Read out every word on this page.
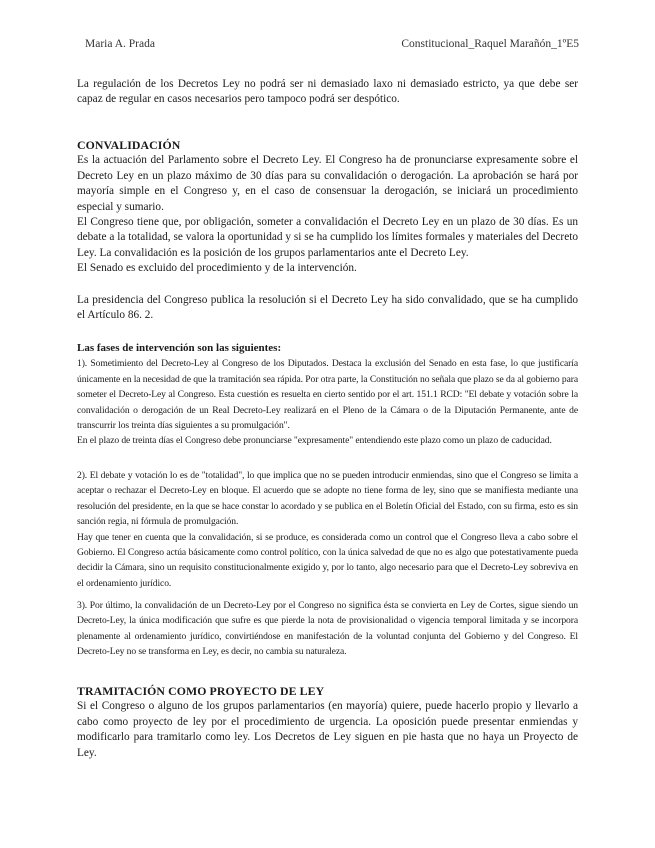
Maria A. Prada	Constitucional_Raquel Marañón_1ºE5

La regulación de los Decretos Ley no podrá ser ni demasiado laxo ni demasiado estricto, ya que debe ser capaz de regular en casos necesarios pero tampoco podrá ser despótico.

CONVALIDACIÓN

Es la actuación del Parlamento sobre el Decreto Ley. El Congreso ha de pronunciarse expresamente sobre el Decreto Ley en un plazo máximo de 30 días para su convalidación o derogación. La aprobación se hará por mayoría simple en el Congreso y, en el caso de consensuar la derogación, se iniciará un procedimiento especial y sumario.

El Congreso tiene que, por obligación, someter a convalidación el Decreto Ley en un plazo de 30 días. Es un debate a la totalidad, se valora la oportunidad y si se ha cumplido los límites formales y materiales del Decreto Ley. La convalidación es la posición de los grupos parlamentarios ante el Decreto Ley.

El Senado es excluido del procedimiento y de la intervención.

La presidencia del Congreso publica la resolución si el Decreto Ley ha sido convalidado, que se ha cumplido el Artículo 86. 2.

Las fases de intervención son las siguientes:

1). Sometimiento del Decreto-Ley al Congreso de los Diputados. Destaca la exclusión del Senado en esta fase, lo que justificaría únicamente en la necesidad de que la tramitación sea rápida. Por otra parte, la Constitución no señala que plazo se da al gobierno para someter el Decreto-Ley al Congreso. Esta cuestión es resuelta en cierto sentido por el art. 151.1 RCD: "El debate y votación sobre la convalidación o derogación de un Real Decreto-Ley realizará en el Pleno de la Cámara o de la Diputación Permanente, ante de transcurrir los treinta días siguientes a su promulgación".

En el plazo de treinta días el Congreso debe pronunciarse "expresamente" entendiendo este plazo como un plazo de caducidad.

2). El debate y votación lo es de "totalidad", lo que implica que no se pueden introducir enmiendas, sino que el Congreso se limita a aceptar o rechazar el Decreto-Ley en bloque. El acuerdo que se adopte no tiene forma de ley, sino que se manifiesta mediante una resolución del presidente, en la que se hace constar lo acordado y se publica en el Boletín Oficial del Estado, con su firma, esto es sin sanción regia, ni fórmula de promulgación.

Hay que tener en cuenta que la convalidación, si se produce, es considerada como un control que el Congreso lleva a cabo sobre el Gobierno. El Congreso actúa básicamente como control político, con la única salvedad de que no es algo que potestativamente pueda decidir la Cámara, sino un requisito constitucionalmente exigido y, por lo tanto, algo necesario para que el Decreto-Ley sobreviva en el ordenamiento jurídico.

3). Por último, la convalidación de un Decreto-Ley por el Congreso no significa ésta se convierta en Ley de Cortes, sigue siendo un Decreto-Ley, la única modificación que sufre es que pierde la nota de provisionalidad o vigencia temporal limitada y se incorpora plenamente al ordenamiento jurídico, convirtiéndose en manifestación de la voluntad conjunta del Gobierno y del Congreso. El Decreto-Ley no se transforma en Ley, es decir, no cambia su naturaleza.

TRAMITACIÓN COMO PROYECTO DE LEY

Si el Congreso o alguno de los grupos parlamentarios (en mayoría) quiere, puede hacerlo propio y llevarlo a cabo como proyecto de ley por el procedimiento de urgencia. La oposición puede presentar enmiendas y modificarlo para tramitarlo como ley. Los Decretos de Ley siguen en pie hasta que no haya un Proyecto de Ley.
